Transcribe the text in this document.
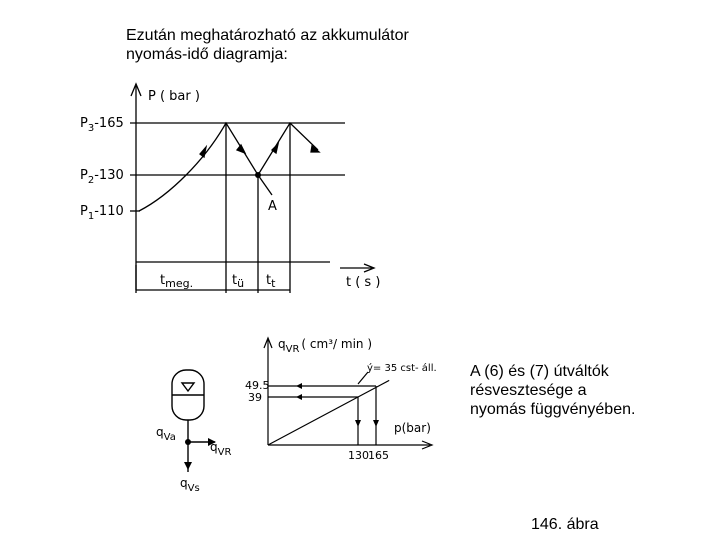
Ezután meghatározható az akkumulátor
nyomás-idő diagramja:
P ( bar )
t ( s )
$P_3-165$
$P_2-130$
$P_1-110$	A
$t_{meg.}$	$t_ü$ $t_t$
$q_{VR}$ ( cm³/ min )
49.5
39
130 165
p(bar)
ý= 35 cst- áll.
$q_{Va}$
$q_{VR}$
$q_{Vs}$
A (6) és (7) útváltók
résvesztesége a
nyomás függvényében.
146. ábra
